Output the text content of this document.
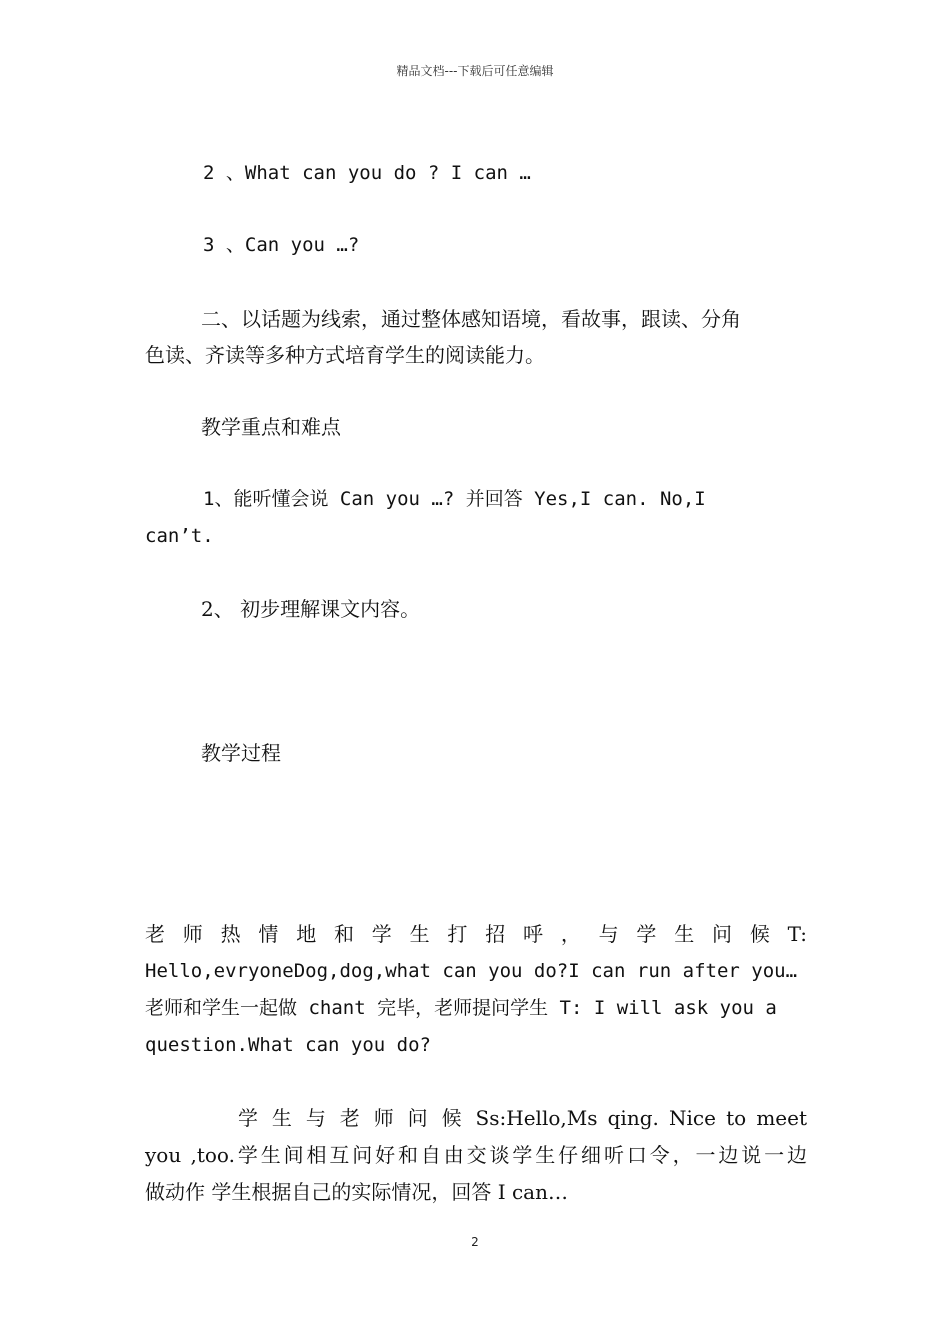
精品文档---下载后可任意编辑
2 、What can you do ? I can …
3 、Can you …?
二、以话题为线索，通过整体感知语境，看故事，跟读、分角
色读、齐读等多种方式培育学生的阅读能力。
教学重点和难点
1、能听懂会说 Can you …? 并回答 Yes,I can. No,I
can’t.
2、 初步理解课文内容。
教学过程
老 师 热 情 地 和 学 生 打 招 呼 ， 与 学 生 问 候 T:
Hello,evryoneDog,dog,what can you do?I can run after you…
老师和学生一起做 chant 完毕，老师提问学生 T: I will ask you a
question.What can you do?
学 生 与 老 师 问 候 Ss:Hello,Ms qing. Nice to meet
you ,too.学生间相互问好和自由交谈学生仔细听口令，一边说一边
做动作 学生根据自己的实际情况，回答 I can…
2
